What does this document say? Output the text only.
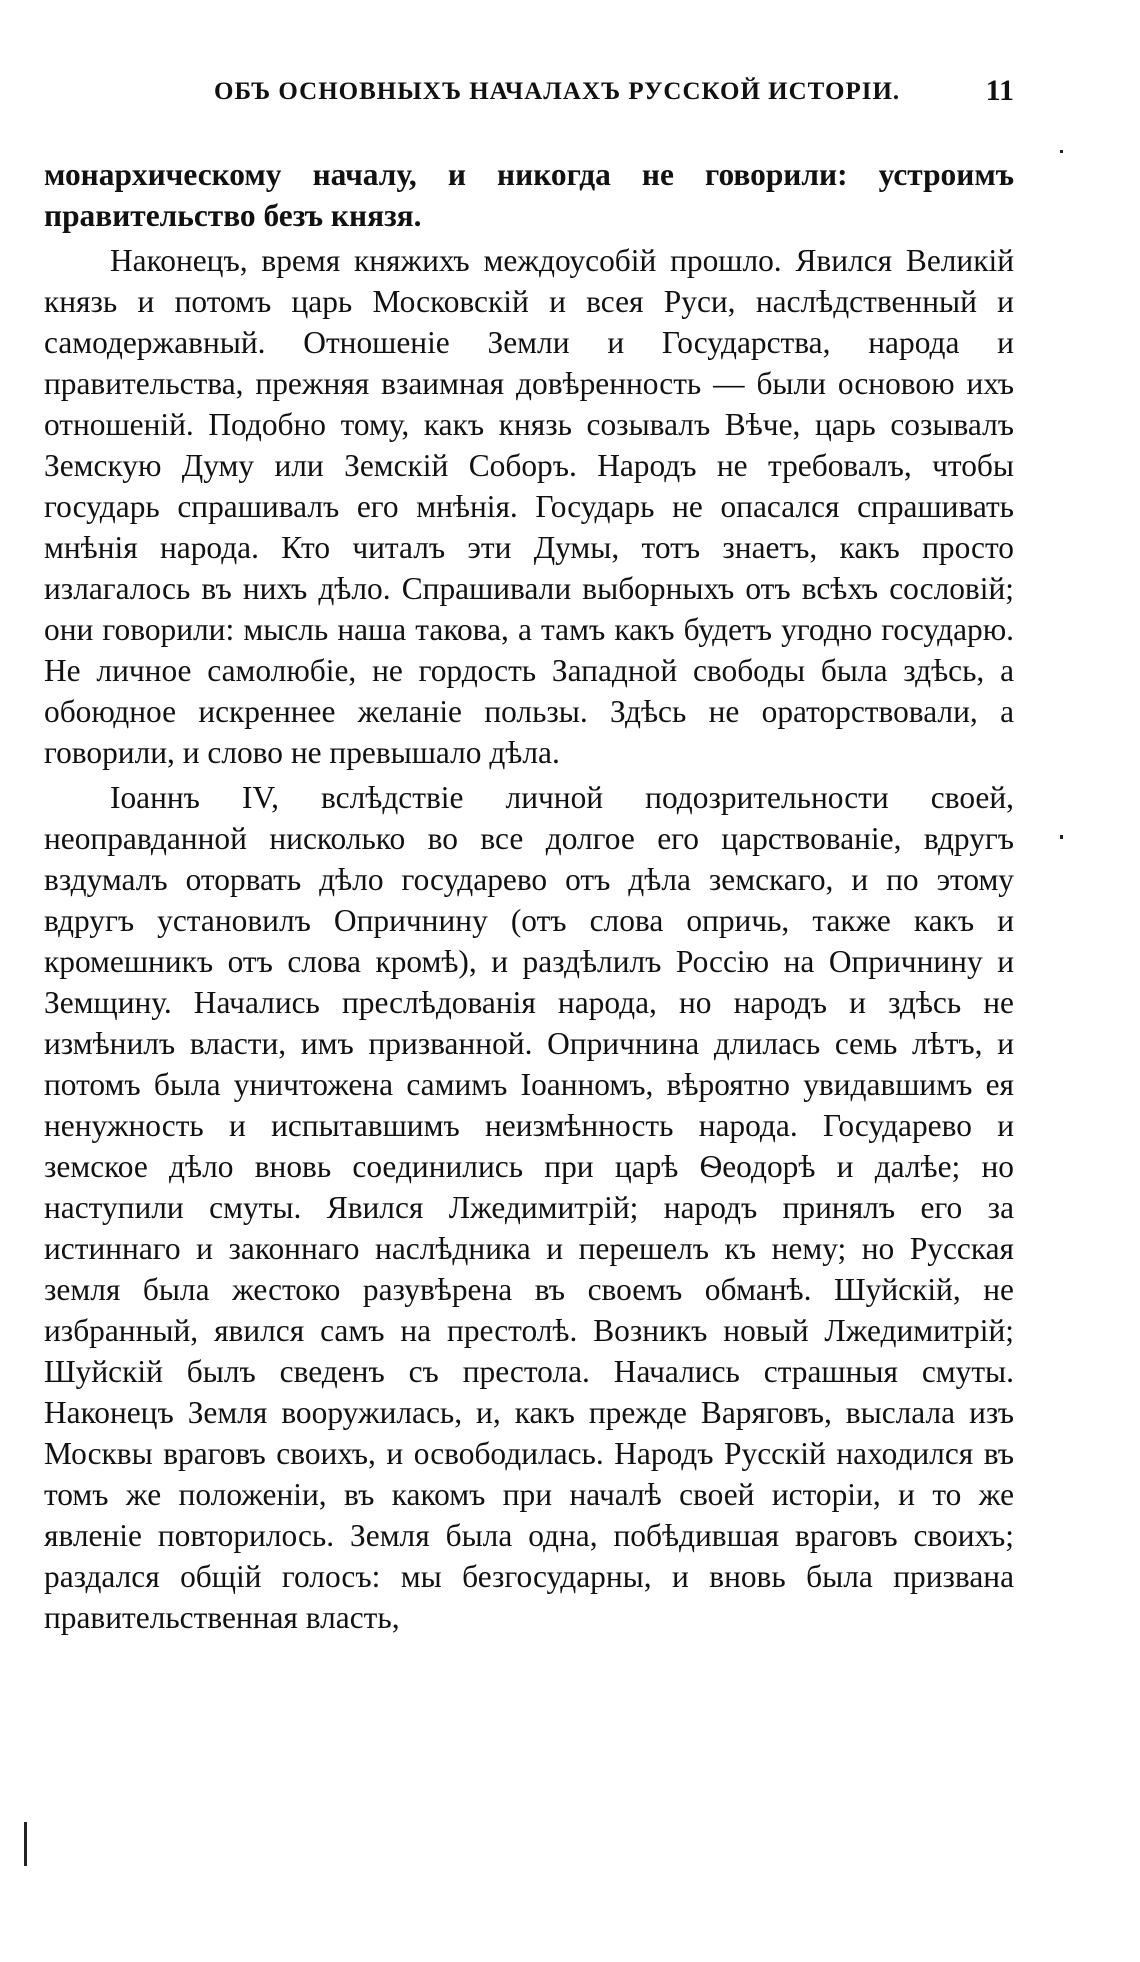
ОБЪ ОСНОВНЫХЪ НАЧАЛАХЪ РУССКОЙ ИСТОРІИ.	11

монархическому началу, и никогда не говорили: устроимъ правительство безъ князя.

Наконецъ, время княжихъ междоусобій прошло. Явился Великій князь и потомъ царь Московскій и всея Руси, наслѣдственный и самодержавный. Отношеніе Земли и Государства, народа и правительства, прежняя взаимная довѣренность — были основою ихъ отношеній. Подобно тому, какъ князь созывалъ Вѣче, царь созывалъ Земскую Думу или Земскій Соборъ. Народъ не требовалъ, чтобы государь спрашивалъ его мнѣнія. Государь не опасался спрашивать мнѣнія народа. Кто читалъ эти Думы, тотъ знаетъ, какъ просто излагалось въ нихъ дѣло. Спрашивали выборныхъ отъ всѣхъ сословій; они говорили: мысль наша такова, а тамъ какъ будетъ угодно государю. Не личное самолюбіе, не гордость Западной свободы была здѣсь, а обоюдное искреннее желаніе пользы. Здѣсь не ораторствовали, а говорили, и слово не превышало дѣла.

Іоаннъ IV, вслѣдствіе личной подозрительности своей, неоправданной нисколько во все долгое его царствованіе, вдругъ вздумалъ оторвать дѣло государево отъ дѣла земскаго, и по этому вдругъ установилъ Опричнину (отъ слова опричь, также какъ и кромешникъ отъ слова кромѣ), и раздѣлилъ Россію на Опричнину и Земщину. Начались преслѣдованія народа, но народъ и здѣсь не измѣнилъ власти, имъ призванной. Опричнина длилась семь лѣтъ, и потомъ была уничтожена самимъ Іоанномъ, вѣроятно увидавшимъ ея ненужность и испытавшимъ неизмѣнность народа. Государево и земское дѣло вновь соединились при царѣ Ѳеодорѣ и далѣе; но наступили смуты. Явился Лжедимитрій; народъ принялъ его за истиннаго и законнаго наслѣдника и перешелъ къ нему; но Русская земля была жестоко разувѣрена въ своемъ обманѣ. Шуйскій, не избранный, явился самъ на престолѣ. Возникъ новый Лжедимитрій; Шуйскій былъ сведенъ съ престола. Начались страшныя смуты. Наконецъ Земля вооружилась, и, какъ прежде Варяговъ, выслала изъ Москвы враговъ своихъ, и освободилась. Народъ Русскій находился въ томъ же положеніи, въ какомъ при началѣ своей исторіи, и то же явленіе повторилось. Земля была одна, побѣдившая враговъ своихъ; раздался общій голосъ: мы безгосударны, и вновь была призвана правительственная власть,
